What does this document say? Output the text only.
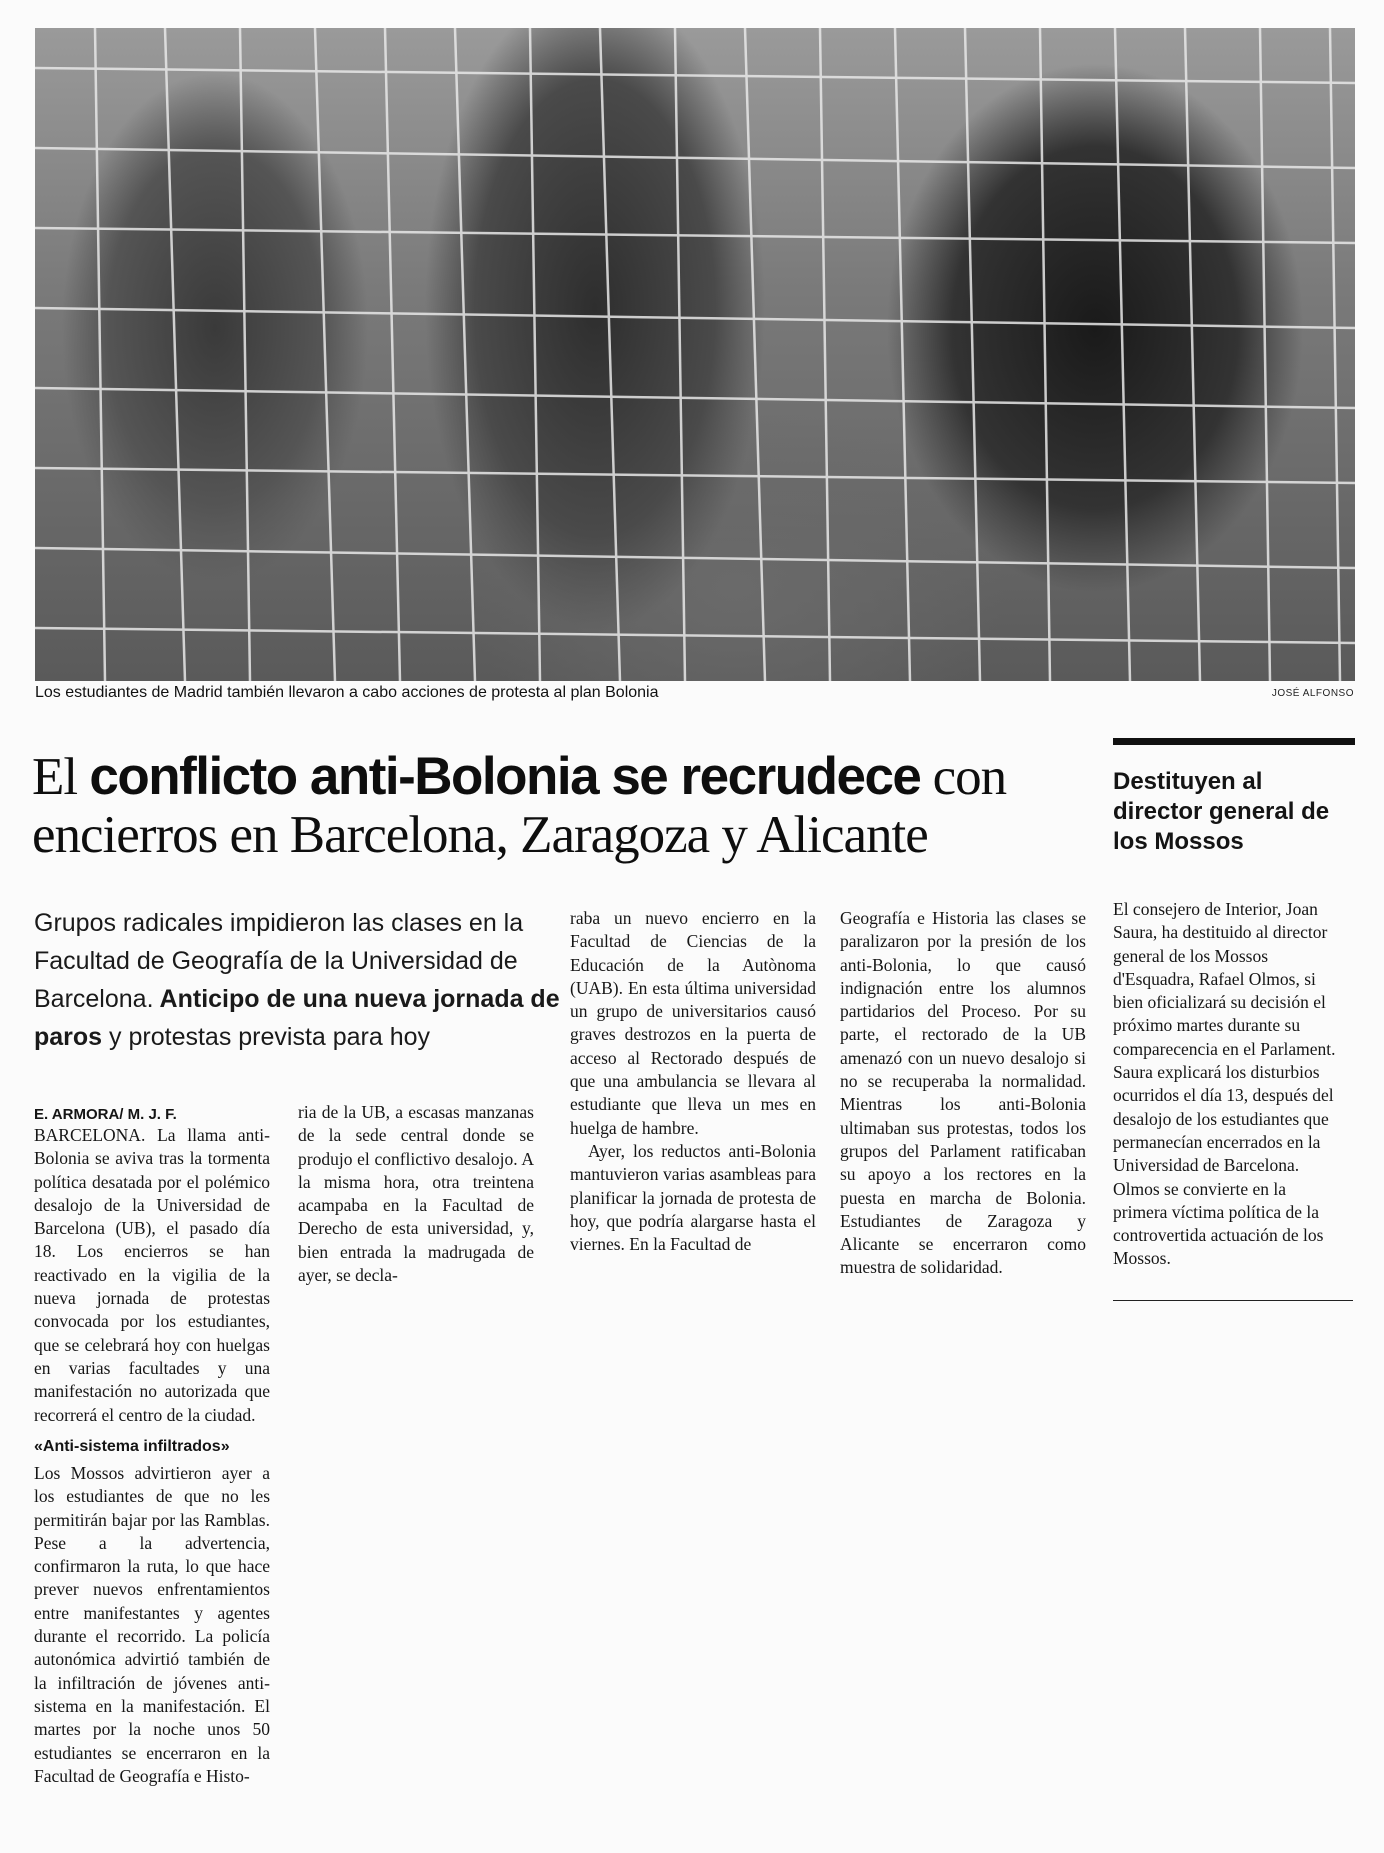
Los estudiantes de Madrid también llevaron a cabo acciones de protesta al plan Bolonia	JOSÉ ALFONSO
El conflicto anti-Bolonia se recrudece con encierros en Barcelona, Zaragoza y Alicante

Grupos radicales impidieron las clases en la Facultad de Geografía de la Universidad de Barcelona. Anticipo de una nueva jornada de paros y protestas prevista para hoy

E. ARMORA/ M. J. F.

BARCELONA. La llama anti-Bolonia se aviva tras la tormenta política desatada por el polémico desalojo de la Universidad de Barcelona (UB), el pasado día 18. Los encierros se han reactivado en la vigilia de la nueva jornada de protestas convocada por los estudiantes, que se celebrará hoy con huelgas en varias facultades y una manifestación no autorizada que recorrerá el centro de la ciudad.

«Anti-sistema infiltrados»

Los Mossos advirtieron ayer a los estudiantes de que no les permitirán bajar por las Ramblas. Pese a la advertencia, confirmaron la ruta, lo que hace prever nuevos enfrentamientos entre manifestantes y agentes durante el recorrido. La policía autonómica advirtió también de la infiltración de jóvenes anti-sistema en la manifestación. El martes por la noche unos 50 estudiantes se encerraron en la Facultad de Geografía e Histo-

ria de la UB, a escasas manzanas de la sede central donde se produjo el conflictivo desalojo. A la misma hora, otra treintena acampaba en la Facultad de Derecho de esta universidad, y, bien entrada la madrugada de ayer, se decla-

raba un nuevo encierro en la Facultad de Ciencias de la Educación de la Autònoma (UAB). En esta última universidad un grupo de universitarios causó graves destrozos en la puerta de acceso al Rectorado después de que una ambulancia se llevara al estudiante que lleva un mes en huelga de hambre.

Ayer, los reductos anti-Bolonia mantuvieron varias asambleas para planificar la jornada de protesta de hoy, que podría alargarse hasta el viernes. En la Facultad de

Geografía e Historia las clases se paralizaron por la presión de los anti-Bolonia, lo que causó indignación entre los alumnos partidarios del Proceso. Por su parte, el rectorado de la UB amenazó con un nuevo desalojo si no se recuperaba la normalidad. Mientras los anti-Bolonia ultimaban sus protestas, todos los grupos del Parlament ratificaban su apoyo a los rectores en la puesta en marcha de Bolonia. Estudiantes de Zaragoza y Alicante se encerraron como muestra de solidaridad.

Destituyen al director general de los Mossos

El consejero de Interior, Joan Saura, ha destituido al director general de los Mossos d'Esquadra, Rafael Olmos, si bien oficializará su decisión el próximo martes durante su comparecencia en el Parlament. Saura explicará los disturbios ocurridos el día 13, después del desalojo de los estudiantes que permanecían encerrados en la Universidad de Barcelona. Olmos se convierte en la primera víctima política de la controvertida actuación de los Mossos.
